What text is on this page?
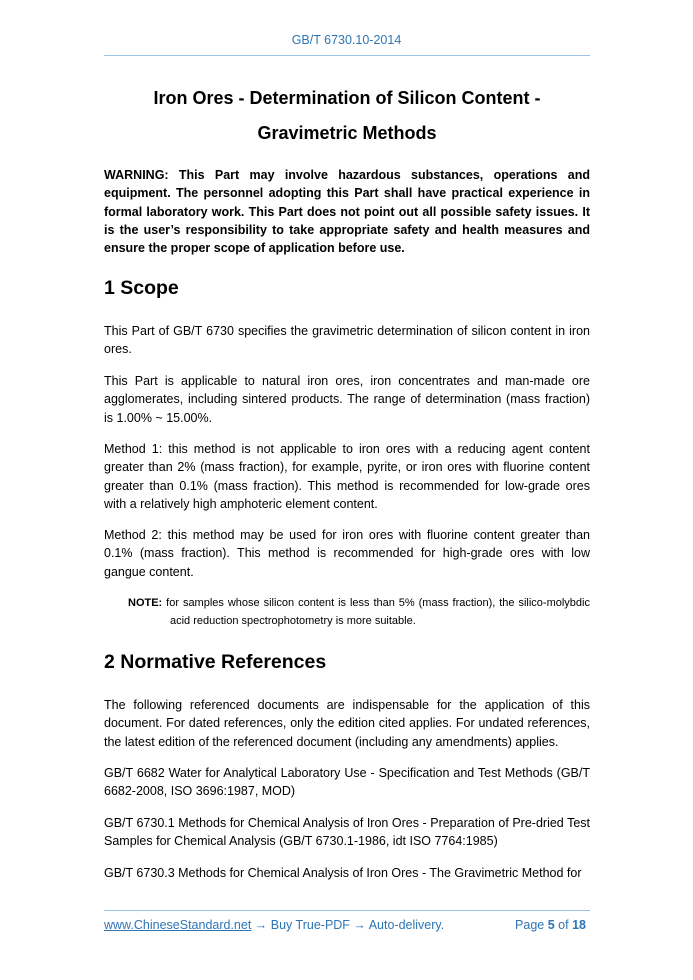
GB/T 6730.10-2014
Iron Ores - Determination of Silicon Content -
Gravimetric Methods
WARNING: This Part may involve hazardous substances, operations and equipment. The personnel adopting this Part shall have practical experience in formal laboratory work. This Part does not point out all possible safety issues. It is the user’s responsibility to take appropriate safety and health measures and ensure the proper scope of application before use.
1 Scope
This Part of GB/T 6730 specifies the gravimetric determination of silicon content in iron ores.
This Part is applicable to natural iron ores, iron concentrates and man-made ore agglomerates, including sintered products. The range of determination (mass fraction) is 1.00% ~ 15.00%.
Method 1: this method is not applicable to iron ores with a reducing agent content greater than 2% (mass fraction), for example, pyrite, or iron ores with fluorine content greater than 0.1% (mass fraction). This method is recommended for low-grade ores with a relatively high amphoteric element content.
Method 2: this method may be used for iron ores with fluorine content greater than 0.1% (mass fraction). This method is recommended for high-grade ores with low gangue content.
NOTE: for samples whose silicon content is less than 5% (mass fraction), the silico-molybdic acid reduction spectrophotometry is more suitable.
2 Normative References
The following referenced documents are indispensable for the application of this document. For dated references, only the edition cited applies. For undated references, the latest edition of the referenced document (including any amendments) applies.
GB/T 6682 Water for Analytical Laboratory Use - Specification and Test Methods (GB/T 6682-2008, ISO 3696:1987, MOD)
GB/T 6730.1 Methods for Chemical Analysis of Iron Ores - Preparation of Pre-dried Test Samples for Chemical Analysis (GB/T 6730.1-1986, idt ISO 7764:1985)
GB/T 6730.3 Methods for Chemical Analysis of Iron Ores - The Gravimetric Method for
www.ChineseStandard.net → Buy True-PDF → Auto-delivery.	Page 5 of 18
